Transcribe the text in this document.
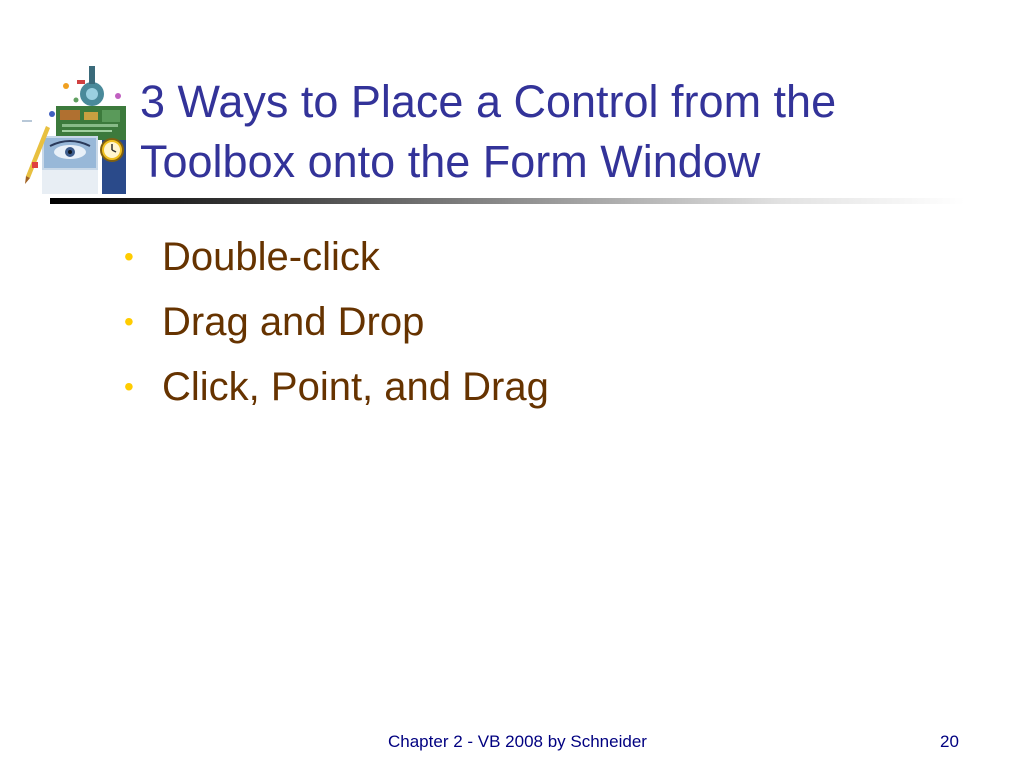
3 Ways to Place a Control from the
Toolbox onto the Form Window
• Double-click
• Drag and Drop
• Click, Point, and Drag
Chapter 2 - VB 2008 by Schneider	20
